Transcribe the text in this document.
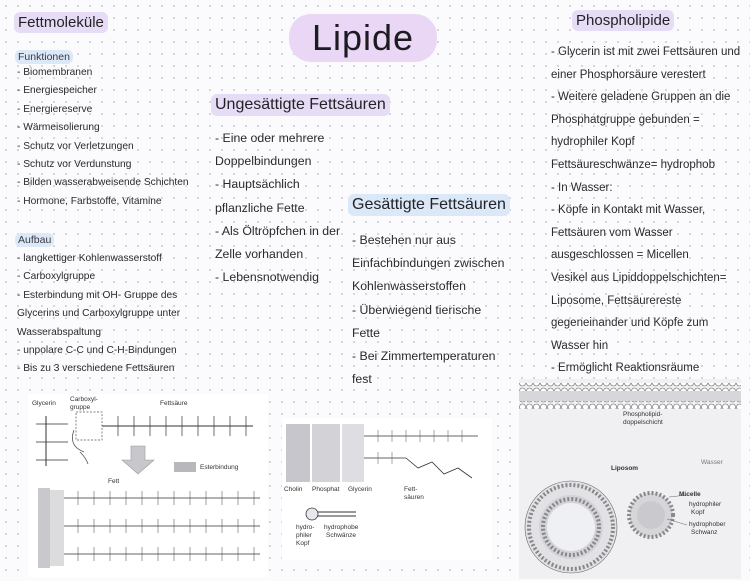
Lipide
Fettmoleküle
Funktionen
- Biomembranen
- Energiespeicher
- Energiereserve
- Wärmeisolierung
- Schutz vor Verletzungen
- Schutz vor Verdunstung
- Bilden wasserabweisende Schichten
- Hormone, Farbstoffe, Vitamine
Aufbau
- langkettiger Kohlenwasserstoff
- Carboxylgruppe
- Esterbindung mit OH- Gruppe des
Glycerins und Carboxylgruppe unter
Wasserabspaltung
- unpolare C-C und C-H-Bindungen
- Bis zu 3 verschiedene Fettsäuren
Ungesättigte Fettsäuren
- Eine oder mehrere
Doppelbindungen
- Hauptsächlich
pflanzliche Fette
- Als Öltröpfchen in der
Zelle vorhanden
- Lebensnotwendig
Gesättigte Fettsäuren
- Bestehen nur aus
Einfachbindungen zwischen
Kohlenwasserstoffen
- Überwiegend tierische
Fette
- Bei Zimmertemperaturen
fest
Phospholipide
- Glycerin ist mit zwei Fettsäuren und
einer Phosphorsäure verestert
- Weitere geladene Gruppen an die
Phosphatgruppe gebunden =
hydrophiler Kopf
Fettsäureschwänze= hydrophob
- In Wasser:
- Köpfe in Kontakt mit Wasser,
Fettsäuren vom Wasser
ausgeschlossen = Micellen
Vesikel aus Lipiddoppelschichten=
Liposome, Fettsäurereste
gegeneinander und Köpfe zum
Wasser hin
- Ermöglicht Reaktionsräume
Glycerin
Carboxyl-
gruppe
Fettsäure
Esterbindung
Fett
Cholin Phosphat Glycerin	Fett-
säuren
hydro-
philer
Kopf
hydrophobe
Schwänze
Phospholipid-
doppelschicht
Wasser
Liposom
Micelle
hydrophiler
Kopf
hydrophober
Schwanz
